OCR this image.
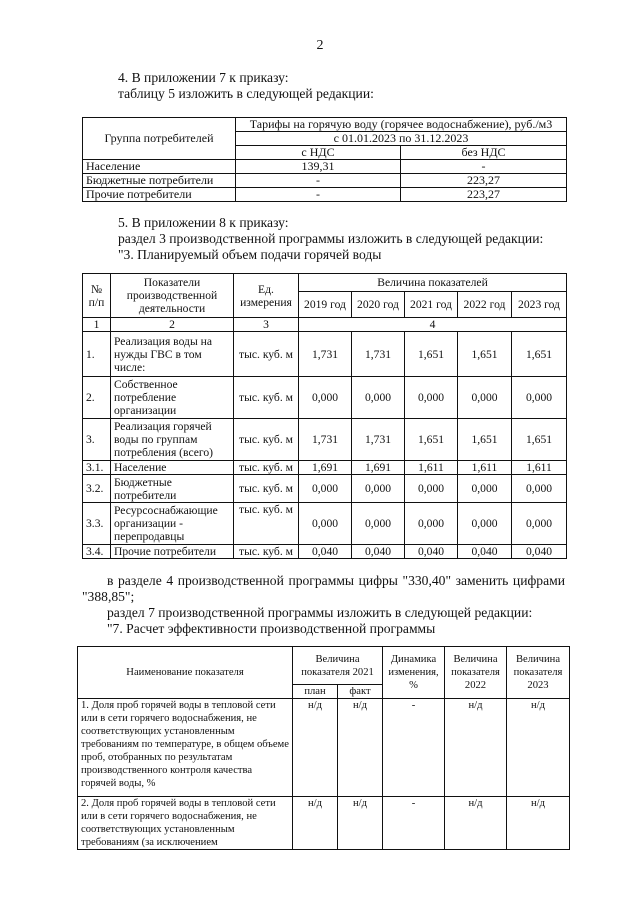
2
4. В приложении 7 к приказу:
таблицу 5 изложить в следующей редакции:
Группа потребителей	Тарифы на горячую воду (горячее водоснабжение), руб./м3	
	с 01.01.2023 по 31.12.2023	
	с НДС	без НДС
Население	139,31	-
Бюджетные потребители	-	223,27
Прочие потребители	-	223,27
5. В приложении 8 к приказу:
раздел 3 производственной программы изложить в следующей редакции:
"3. Планируемый объем подачи горячей воды
№ п/п	Показатели производственной деятельности	Ед. измерения	Величина показателей				
			2019 год	2020 год	2021 год	2022 год	2023 год
1	2	3	4				
1.	Реализация воды на нужды ГВС в том числе:	тыс. куб. м	1,731	1,731	1,651	1,651	1,651
2.	Собственное потребление организации	тыс. куб. м	0,000	0,000	0,000	0,000	0,000
3.	Реализация горячей воды по группам потребления (всего)	тыс. куб. м	1,731	1,731	1,651	1,651	1,651
3.1.	Население	тыс. куб. м	1,691	1,691	1,611	1,611	1,611
3.2.	Бюджетные потребители	тыс. куб. м	0,000	0,000	0,000	0,000	0,000
3.3.	Ресурсоснабжающие организации - перепродавцы	тыс. куб. м	0,000	0,000	0,000	0,000	0,000
3.4.	Прочие потребители	тыс. куб. м	0,040	0,040	0,040	0,040	0,040
в разделе 4 производственной программы цифры "330,40" заменить цифрами
"388,85";
раздел 7 производственной программы изложить в следующей редакции:
"7. Расчет эффективности производственной программы
Наименование показателя	Величина показателя 2021		Динамика изменения, %	Величина показателя 2022	Величина показателя 2023
	план	факт			
1. Доля проб горячей воды в тепловой сети или в сети горячего водоснабжения, не соответствующих установленным требованиям по температуре, в общем объеме проб, отобранных по результатам производственного контроля качества горячей воды, %	н/д	н/д	-	н/д	н/д
2. Доля проб горячей воды в тепловой сети или в сети горячего водоснабжения, не соответствующих установленным требованиям (за исключением	н/д	н/д	-	н/д	н/д
